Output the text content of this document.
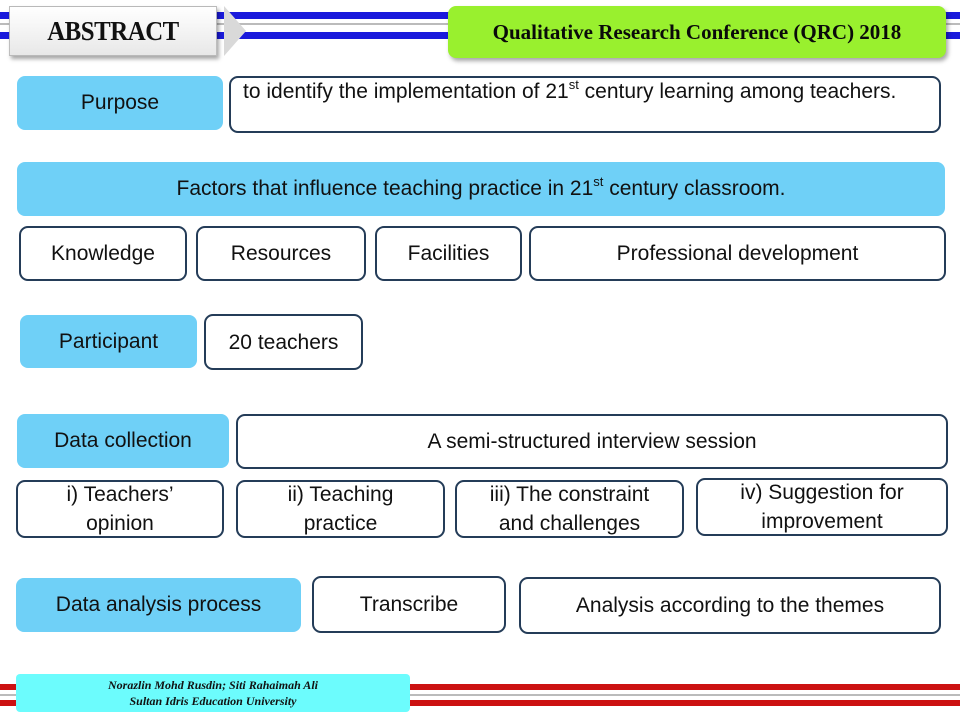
ABSTRACT	Qualitative Research Conference (QRC) 2018
Purpose	to identify the implementation of 21st century learning among teachers.
Factors that influence teaching practice in 21st century classroom.
Knowledge	Resources	Facilities	Professional development
Participant	20 teachers
Data collection	A semi-structured interview session
i) Teachers’
opinion
ii) Teaching
practice
iii) The constraint
and challenges
iv) Suggestion for
improvement
Data analysis process	Transcribe	Analysis according to the themes
Norazlin Mohd Rusdin; Siti Rahaimah Ali
Sultan Idris Education University
